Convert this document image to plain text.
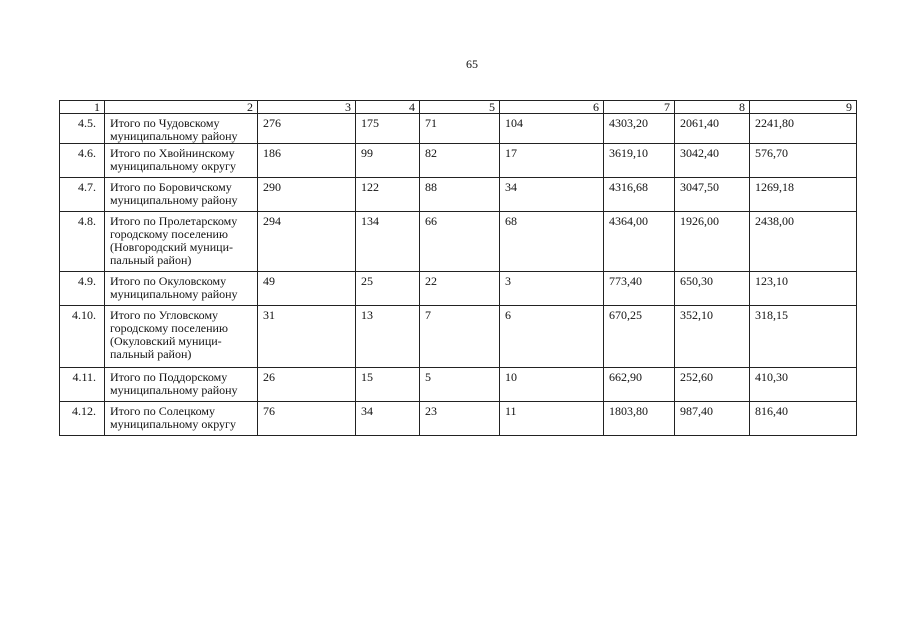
65
1	2	3	4	5	6	7	8	9
4.5.	Итого по Чудовскому
муниципальному району	276	175	71	104	4303,20	2061,40	2241,80
4.6.	Итого по Хвойнинскому
муниципальному округу	186	99	82	17	3619,10	3042,40	576,70
4.7.	Итого по Боровичскому
муниципальному району	290	122	88	34	4316,68	3047,50	1269,18
4.8.	Итого по Пролетарскому
городскому поселению
(Новгородский муници-
пальный район)	294	134	66	68	4364,00	1926,00	2438,00
4.9.	Итого по Окуловскому
муниципальному району	49	25	22	3	773,40	650,30	123,10
4.10.	Итого по Угловскому
городскому поселению
(Окуловский муници-
пальный район)	31	13	7	6	670,25	352,10	318,15
4.11.	Итого по Поддорскому
муниципальному району	26	15	5	10	662,90	252,60	410,30
4.12.	Итого по Солецкому
муниципальному округу	76	34	23	11	1803,80	987,40	816,40
